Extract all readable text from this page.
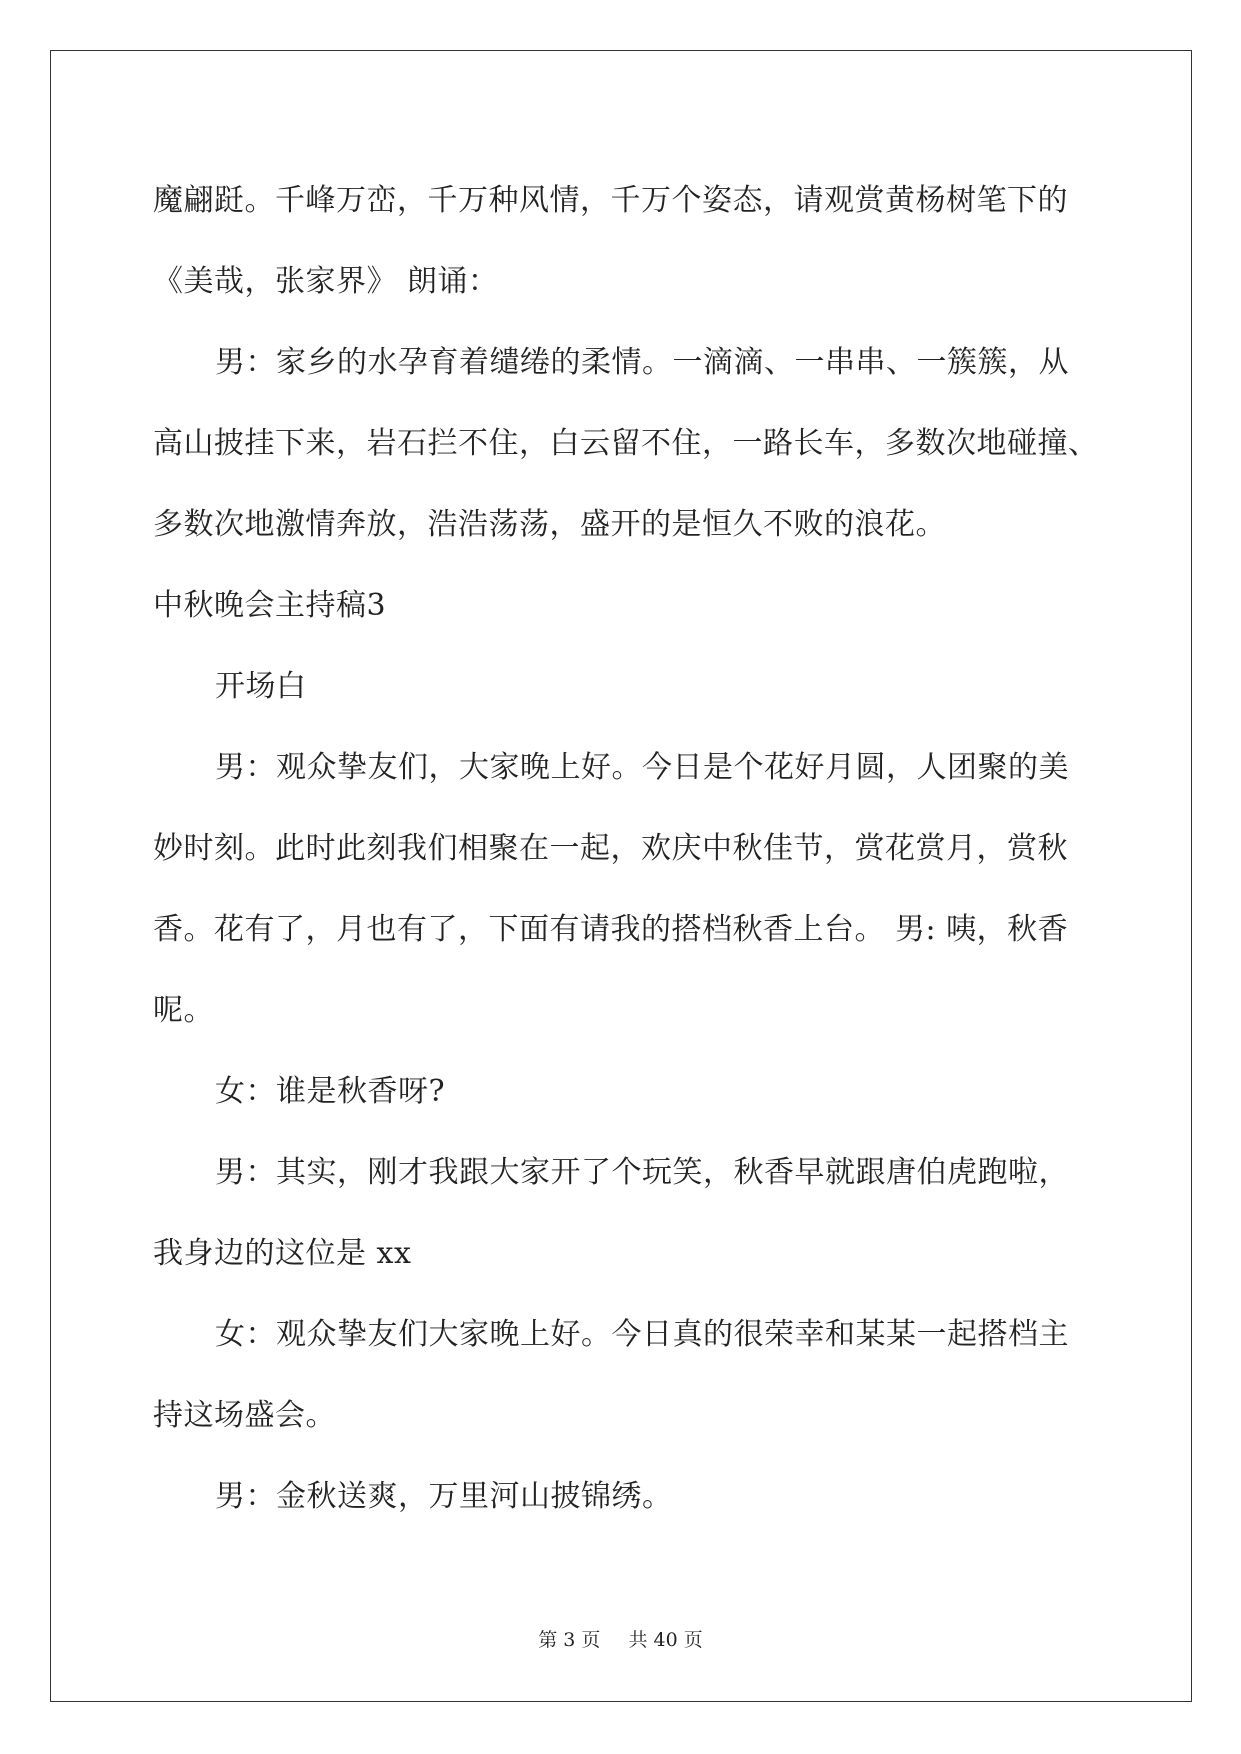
魔翩跹。千峰万峦，千万种风情，千万个姿态，请观赏黄杨树笔下的
《美哉，张家界》 朗诵：
男：家乡的水孕育着缱绻的柔情。一滴滴、一串串、一簇簇，从
高山披挂下来，岩石拦不住，白云留不住，一路长车，多数次地碰撞、
多数次地激情奔放，浩浩荡荡，盛开的是恒久不败的浪花。
中秋晚会主持稿3
开场白
男：观众挚友们，大家晚上好。今日是个花好月圆，人团聚的美
妙时刻。此时此刻我们相聚在一起，欢庆中秋佳节，赏花赏月，赏秋
香。花有了，月也有了，下面有请我的搭档秋香上台。 男: 咦，秋香
呢。
女：谁是秋香呀?
男：其实，刚才我跟大家开了个玩笑，秋香早就跟唐伯虎跑啦，
我身边的这位是 xx
女：观众挚友们大家晚上好。今日真的很荣幸和某某一起搭档主
持这场盛会。
男：金秋送爽，万里河山披锦绣。
第 3 页 共 40 页
